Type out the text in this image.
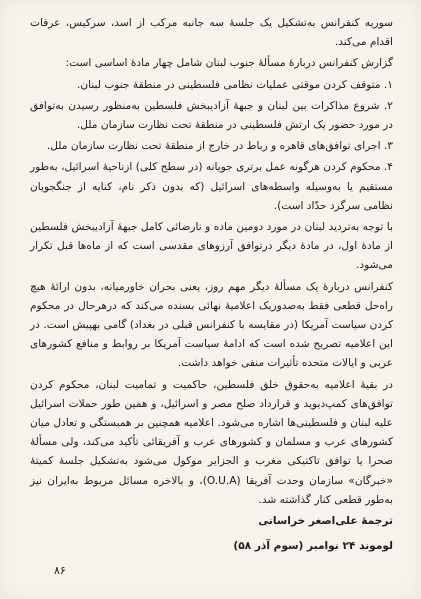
سوریه کنفرانس به‌تشکیل یک جلسهٔ سه جانبه مرکب از اسد، سرکیس، عرفات اقدام می‌کند.

گزارش کنفرانس دربارهٔ مسألهٔ جنوب لبنان شامل چهار مادهٔ اساسی است:

۱. متوقف کردن موقتی عملیات نظامی فلسطینی در منطقهٔ جنوب لبنان.

۲. شروع مذاکرات بین لبنان و جبههٔ آزادیبخش فلسطین به‌منظور رسیدن به‌توافق در مورد حضور یک ارتش فلسطینی در منطقهٔ تحت نظارت سازمان ملل.

۳. اجرای توافق‌های قاهره و رباط در خارج از منطقهٔ تحت نظارت سازمان ملل.

۴. محکوم کردن هرگونه عمل برتری جویانه (در سطح کلی) ازناحیهٔ اسرائیل، به‌طور مستقیم یا به‌وسیله واسطه‌های اسرائیل (که بدون ذکر نام، کنایه از جنگجویان نظامی سرگرد حدّاد است).

با توجه به‌تردید لبنان در مورد دومین ماده و نارضائی کامل جبههٔ آزادیبخش فلسطین از مادهٔ اول، در مادهٔ دیگر درتوافق آرزوهای مقدسی است که از ماه‌ها قبل تکرار می‌شود.

کنفرانس دربارهٔ یک مسألهٔ دیگر مهم روز، یعنی بحران خاورمیانه، بدون ارائهٔ هیچ راه‌حل قطعی فقط به‌صدوریک اعلامیهٔ نهائی بسنده می‌کند که درهرحال در محکوم کردن سیاست آمریکا (در مقایسه با کنفرانس قبلی در بغداد) گامی بهپیش است. در این اعلامیه تصریح شده است که ادامهٔ سیاست آمریکا بر روابط و منافع کشورهای عربی و ایالات متحده تأثیرات منفی خواهد داشت.

در بقیهٔ اعلامیه به‌حقوق خلق فلسطین، حاکمیت و تمامیت لبنان، محکوم کردن توافق‌های کمپ‌دیوید و قرارداد صلح مصر و اسرائیل، و همین طور حملات اسرائیل علیه لبنان و فلسطینی‌ها اشاره می‌شود. اعلامیه همچنین بر همبستگی و تعادل میان کشورهای عرب و مسلمان و کشورهای عرب و آفریقائی تأکید می‌کند، ولی مسألهٔ صحرا یا توافق تاکتیکی مغرب و الجزایر موکول می‌شود به‌تشکیل جلسهٔ کمیتهٔ «خبرگان» سازمان وحدت آفریقا (O.U.A)، و بالاخره مسائل مربوط به‌ایران نیز به‌طور قطعی کنار گذاشته شد.

ترجمهٔ علی‌اصغر خراسانی

لوموند ۲۴ نوامبر (سوم آذر ۵۸)

۸۶
